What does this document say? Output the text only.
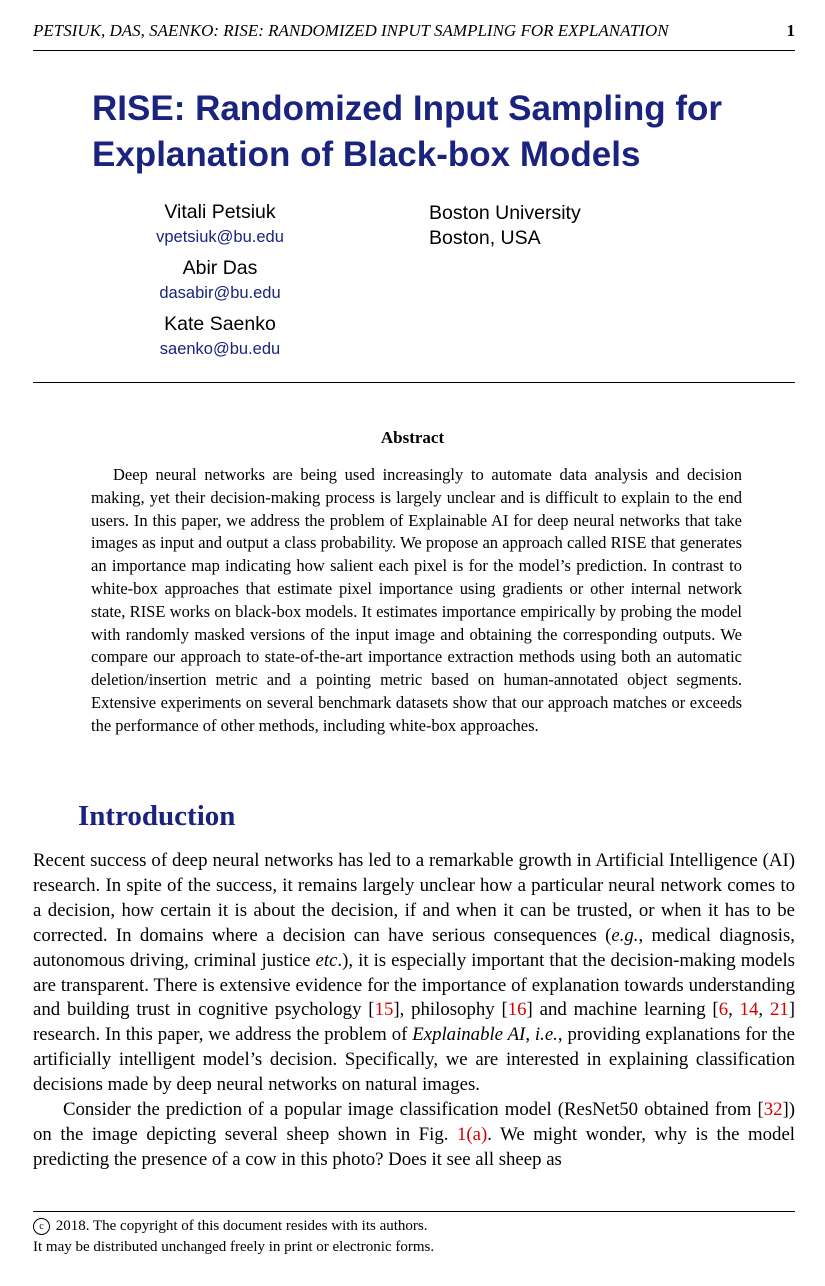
PETSIUK, DAS, SAENKO: RISE: RANDOMIZED INPUT SAMPLING FOR EXPLANATION	1
RISE: Randomized Input Sampling for
Explanation of Black-box Models
Vitali Petsiuk
vpetsiuk@bu.edu
Abir Das
dasabir@bu.edu
Kate Saenko
saenko@bu.edu
Boston University
Boston, USA
Abstract

Deep neural networks are being used increasingly to automate data analysis and decision making, yet their decision-making process is largely unclear and is difficult to explain to the end users. In this paper, we address the problem of Explainable AI for deep neural networks that take images as input and output a class probability. We propose an approach called RISE that generates an importance map indicating how salient each pixel is for the model’s prediction. In contrast to white-box approaches that estimate pixel importance using gradients or other internal network state, RISE works on black-box models. It estimates importance empirically by probing the model with randomly masked versions of the input image and obtaining the corresponding outputs. We compare our approach to state-of-the-art importance extraction methods using both an automatic deletion/insertion metric and a pointing metric based on human-annotated object segments. Extensive experiments on several benchmark datasets show that our approach matches or exceeds the performance of other methods, including white-box approaches.

Introduction

Recent success of deep neural networks has led to a remarkable growth in Artificial Intelligence (AI) research. In spite of the success, it remains largely unclear how a particular neural network comes to a decision, how certain it is about the decision, if and when it can be trusted, or when it has to be corrected. In domains where a decision can have serious consequences (e.g., medical diagnosis, autonomous driving, criminal justice etc.), it is especially important that the decision-making models are transparent. There is extensive evidence for the importance of explanation towards understanding and building trust in cognitive psychology [15], philosophy [16] and machine learning [6, 14, 21] research. In this paper, we address the problem of Explainable AI, i.e., providing explanations for the artificially intelligent model’s decision. Specifically, we are interested in explaining classification decisions made by deep neural networks on natural images.

Consider the prediction of a popular image classification model (ResNet50 obtained from [32]) on the image depicting several sheep shown in Fig. 1(a). We might wonder, why is the model predicting the presence of a cow in this photo? Does it see all sheep as

c 2018. The copyright of this document resides with its authors.
It may be distributed unchanged freely in print or electronic forms.
